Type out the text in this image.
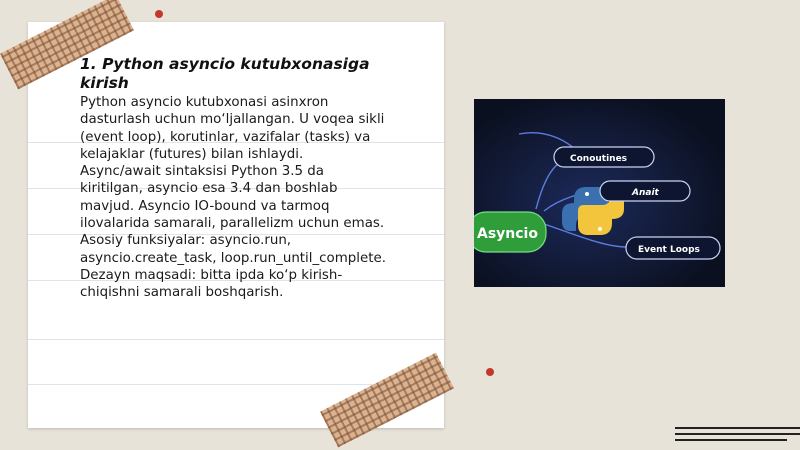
1. Python asyncio kutubxonasiga kirish

Python asyncio kutubxonasi asinxron
dasturlash uchun mo‘ljallangan. U voqea sikli
(event loop), korutinlar, vazifalar (tasks) va
kelajaklar (futures) bilan ishlaydi.
Async/await sintaksisi Python 3.5 da
kiritilgan, asyncio esa 3.4 dan boshlab
mavjud. Asyncio IO-bound va tarmoq
ilovalarida samarali, parallelizm uchun emas.
Asosiy funksiyalar: asyncio.run,
asyncio.create_task, loop.run_until_complete.
Dezayn maqsadi: bitta ipda ko‘p kirish-
chiqishni samarali boshqarish.

Asyncio
Conoutines
Anait
Event Loops
